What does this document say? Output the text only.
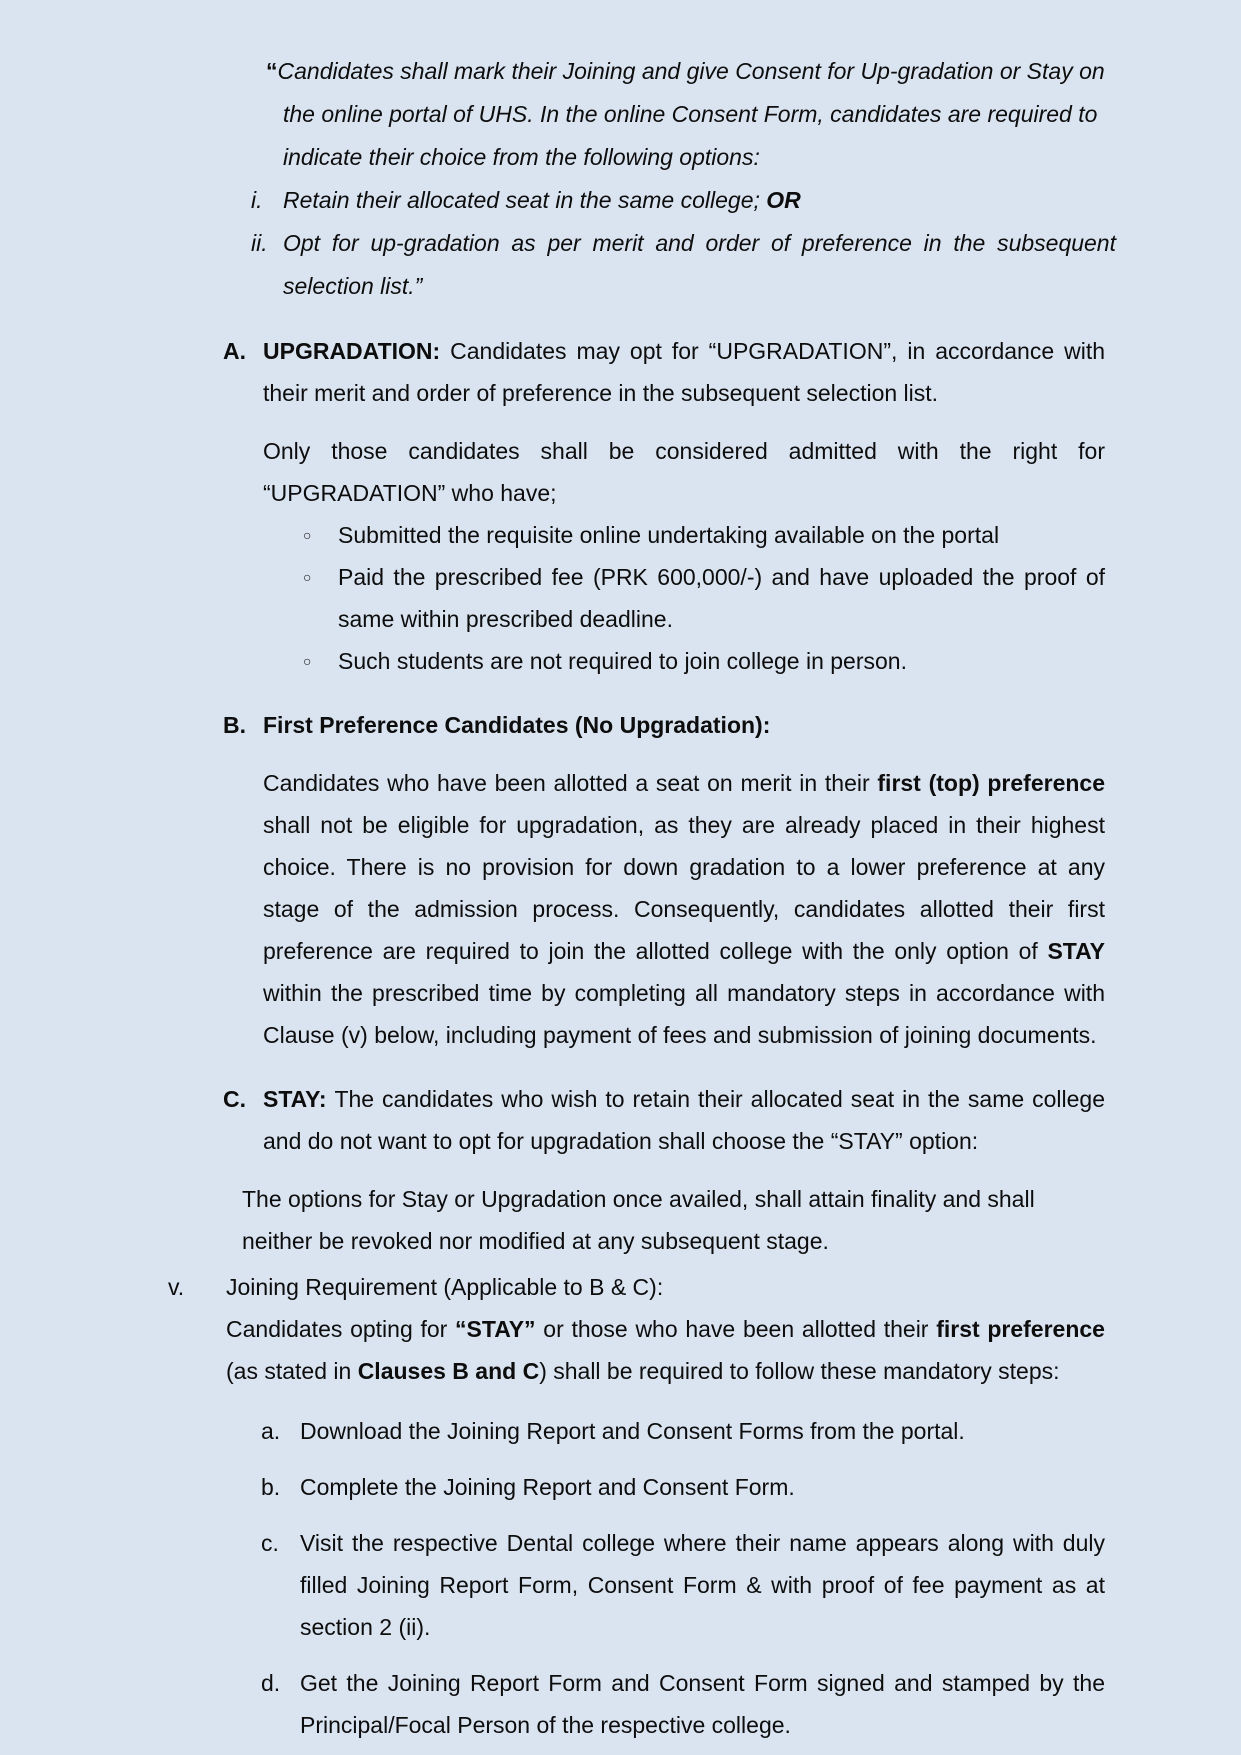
“Candidates shall mark their Joining and give Consent for Up-gradation or Stay on the online portal of UHS. In the online Consent Form, candidates are required to indicate their choice from the following options:
i. Retain their allocated seat in the same college; OR
ii. Opt for up-gradation as per merit and order of preference in the subsequent selection list.”
A. UPGRADATION: Candidates may opt for “UPGRADATION”, in accordance with their merit and order of preference in the subsequent selection list.
Only those candidates shall be considered admitted with the right for “UPGRADATION” who have;
○ Submitted the requisite online undertaking available on the portal
○ Paid the prescribed fee (PRK 600,000/-) and have uploaded the proof of same within prescribed deadline.
○ Such students are not required to join college in person.
B. First Preference Candidates (No Upgradation):
Candidates who have been allotted a seat on merit in their first (top) preference shall not be eligible for upgradation, as they are already placed in their highest choice. There is no provision for down gradation to a lower preference at any stage of the admission process. Consequently, candidates allotted their first preference are required to join the allotted college with the only option of STAY within the prescribed time by completing all mandatory steps in accordance with Clause (v) below, including payment of fees and submission of joining documents.
C. STAY: The candidates who wish to retain their allocated seat in the same college and do not want to opt for upgradation shall choose the “STAY” option:
The options for Stay or Upgradation once availed, shall attain finality and shall neither be revoked nor modified at any subsequent stage.
v.	Joining Requirement (Applicable to B & C):
Candidates opting for “STAY” or those who have been allotted their first preference (as stated in Clauses B and C) shall be required to follow these mandatory steps:
a. Download the Joining Report and Consent Forms from the portal.
b. Complete the Joining Report and Consent Form.
c. Visit the respective Dental college where their name appears along with duly filled Joining Report Form, Consent Form & with proof of fee payment as at section 2 (ii).
d. Get the Joining Report Form and Consent Form signed and stamped by the Principal/Focal Person of the respective college.
